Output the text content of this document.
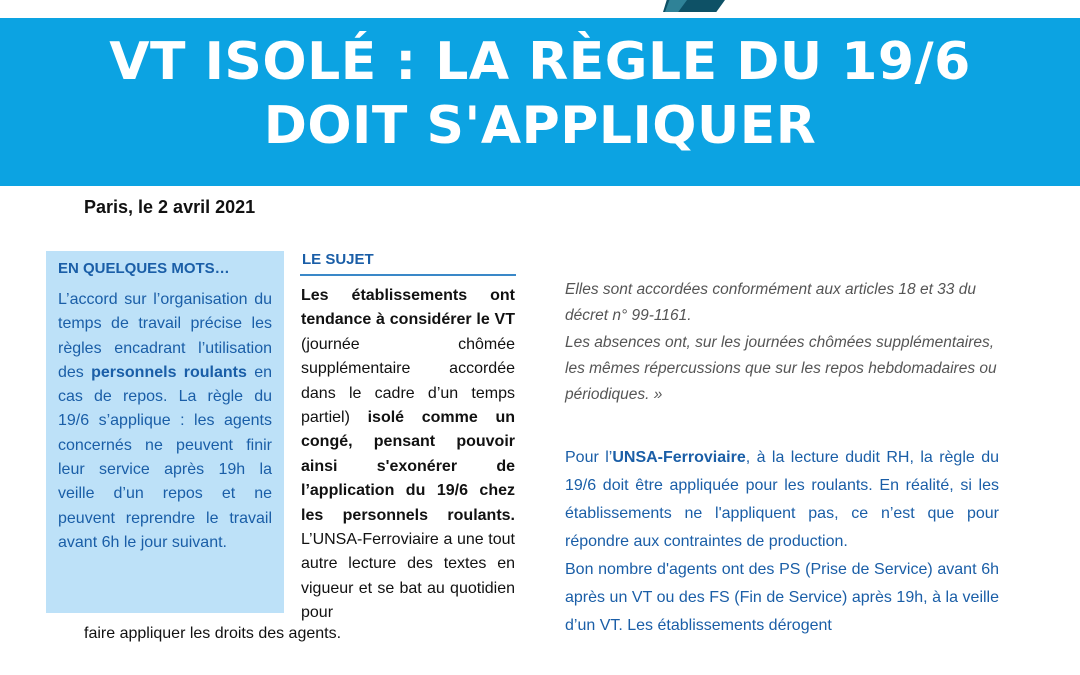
VT ISOLÉ : LA RÈGLE DU 19/6
DOIT S'APPLIQUER
Paris, le 2 avril 2021
EN QUELQUES MOTS…
L’accord sur l’organisation du temps de travail précise les règles encadrant l’utilisation des personnels roulants en cas de repos. La règle du 19/6 s’applique : les agents concernés ne peuvent finir leur service après 19h la veille d’un repos et ne peuvent reprendre le travail avant 6h le jour suivant.
LE SUJET
Les établissements ont tendance à considérer le VT (journée chômée supplémentaire accordée dans le cadre d’un temps partiel) isolé comme un congé, pensant pouvoir ainsi s'exonérer de l’application du 19/6 chez les personnels roulants. L’UNSA-Ferroviaire a une tout autre lecture des textes en vigueur et se bat au quotidien pour
faire appliquer les droits des agents.
Elles sont accordées conformément aux articles 18 et 33 du décret n° 99-1161.
Les absences ont, sur les journées chômées supplémentaires, les mêmes répercussions que sur les repos hebdomadaires ou périodiques. »

Pour l’UNSA-Ferroviaire, à la lecture dudit RH, la règle du 19/6 doit être appliquée pour les roulants. En réalité, si les établissements ne l'appliquent pas, ce n’est que pour répondre aux contraintes de production.

Bon nombre d'agents ont des PS (Prise de Service) avant 6h après un VT ou des FS (Fin de Service) après 19h, à la veille d’un VT. Les établissements dérogent
